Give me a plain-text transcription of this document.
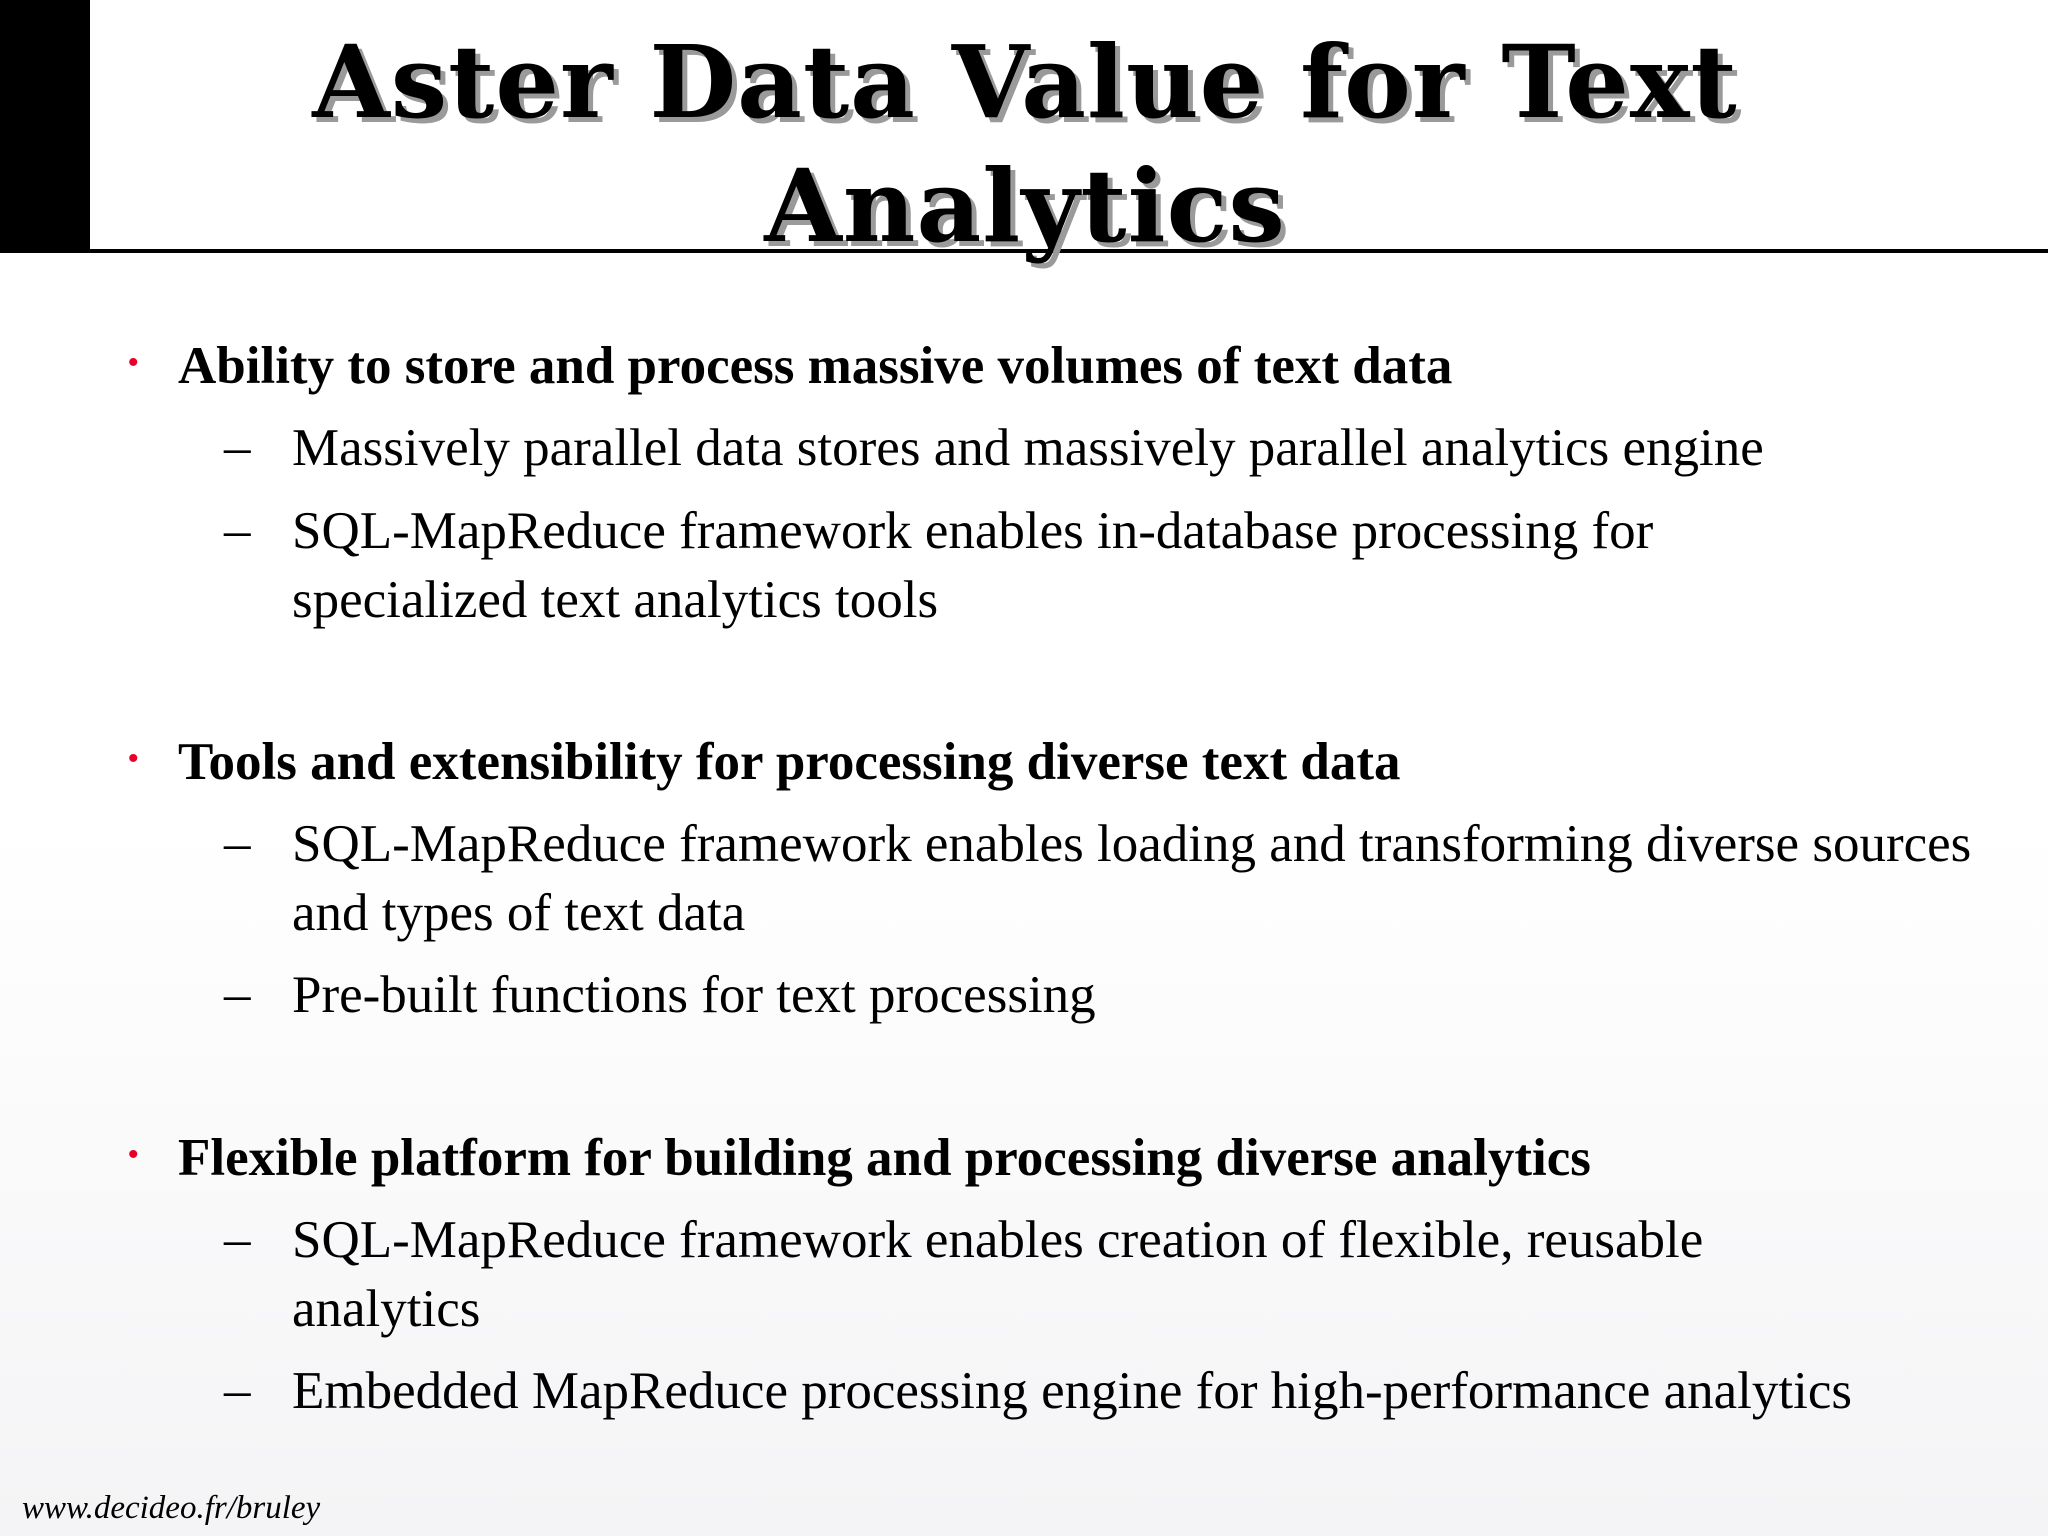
Aster Data Value for Text
Analytics
• Ability to store and process massive volumes of text data
– Massively parallel data stores and massively parallel analytics engine
– SQL-MapReduce framework enables in-database processing for specialized text analytics tools
• Tools and extensibility for processing diverse text data
– SQL-MapReduce framework enables loading and transforming diverse sources and types of text data
– Pre-built functions for text processing
• Flexible platform for building and processing diverse analytics
– SQL-MapReduce framework enables creation of flexible, reusable analytics
– Embedded MapReduce processing engine for high-performance analytics
www.decideo.fr/bruley
